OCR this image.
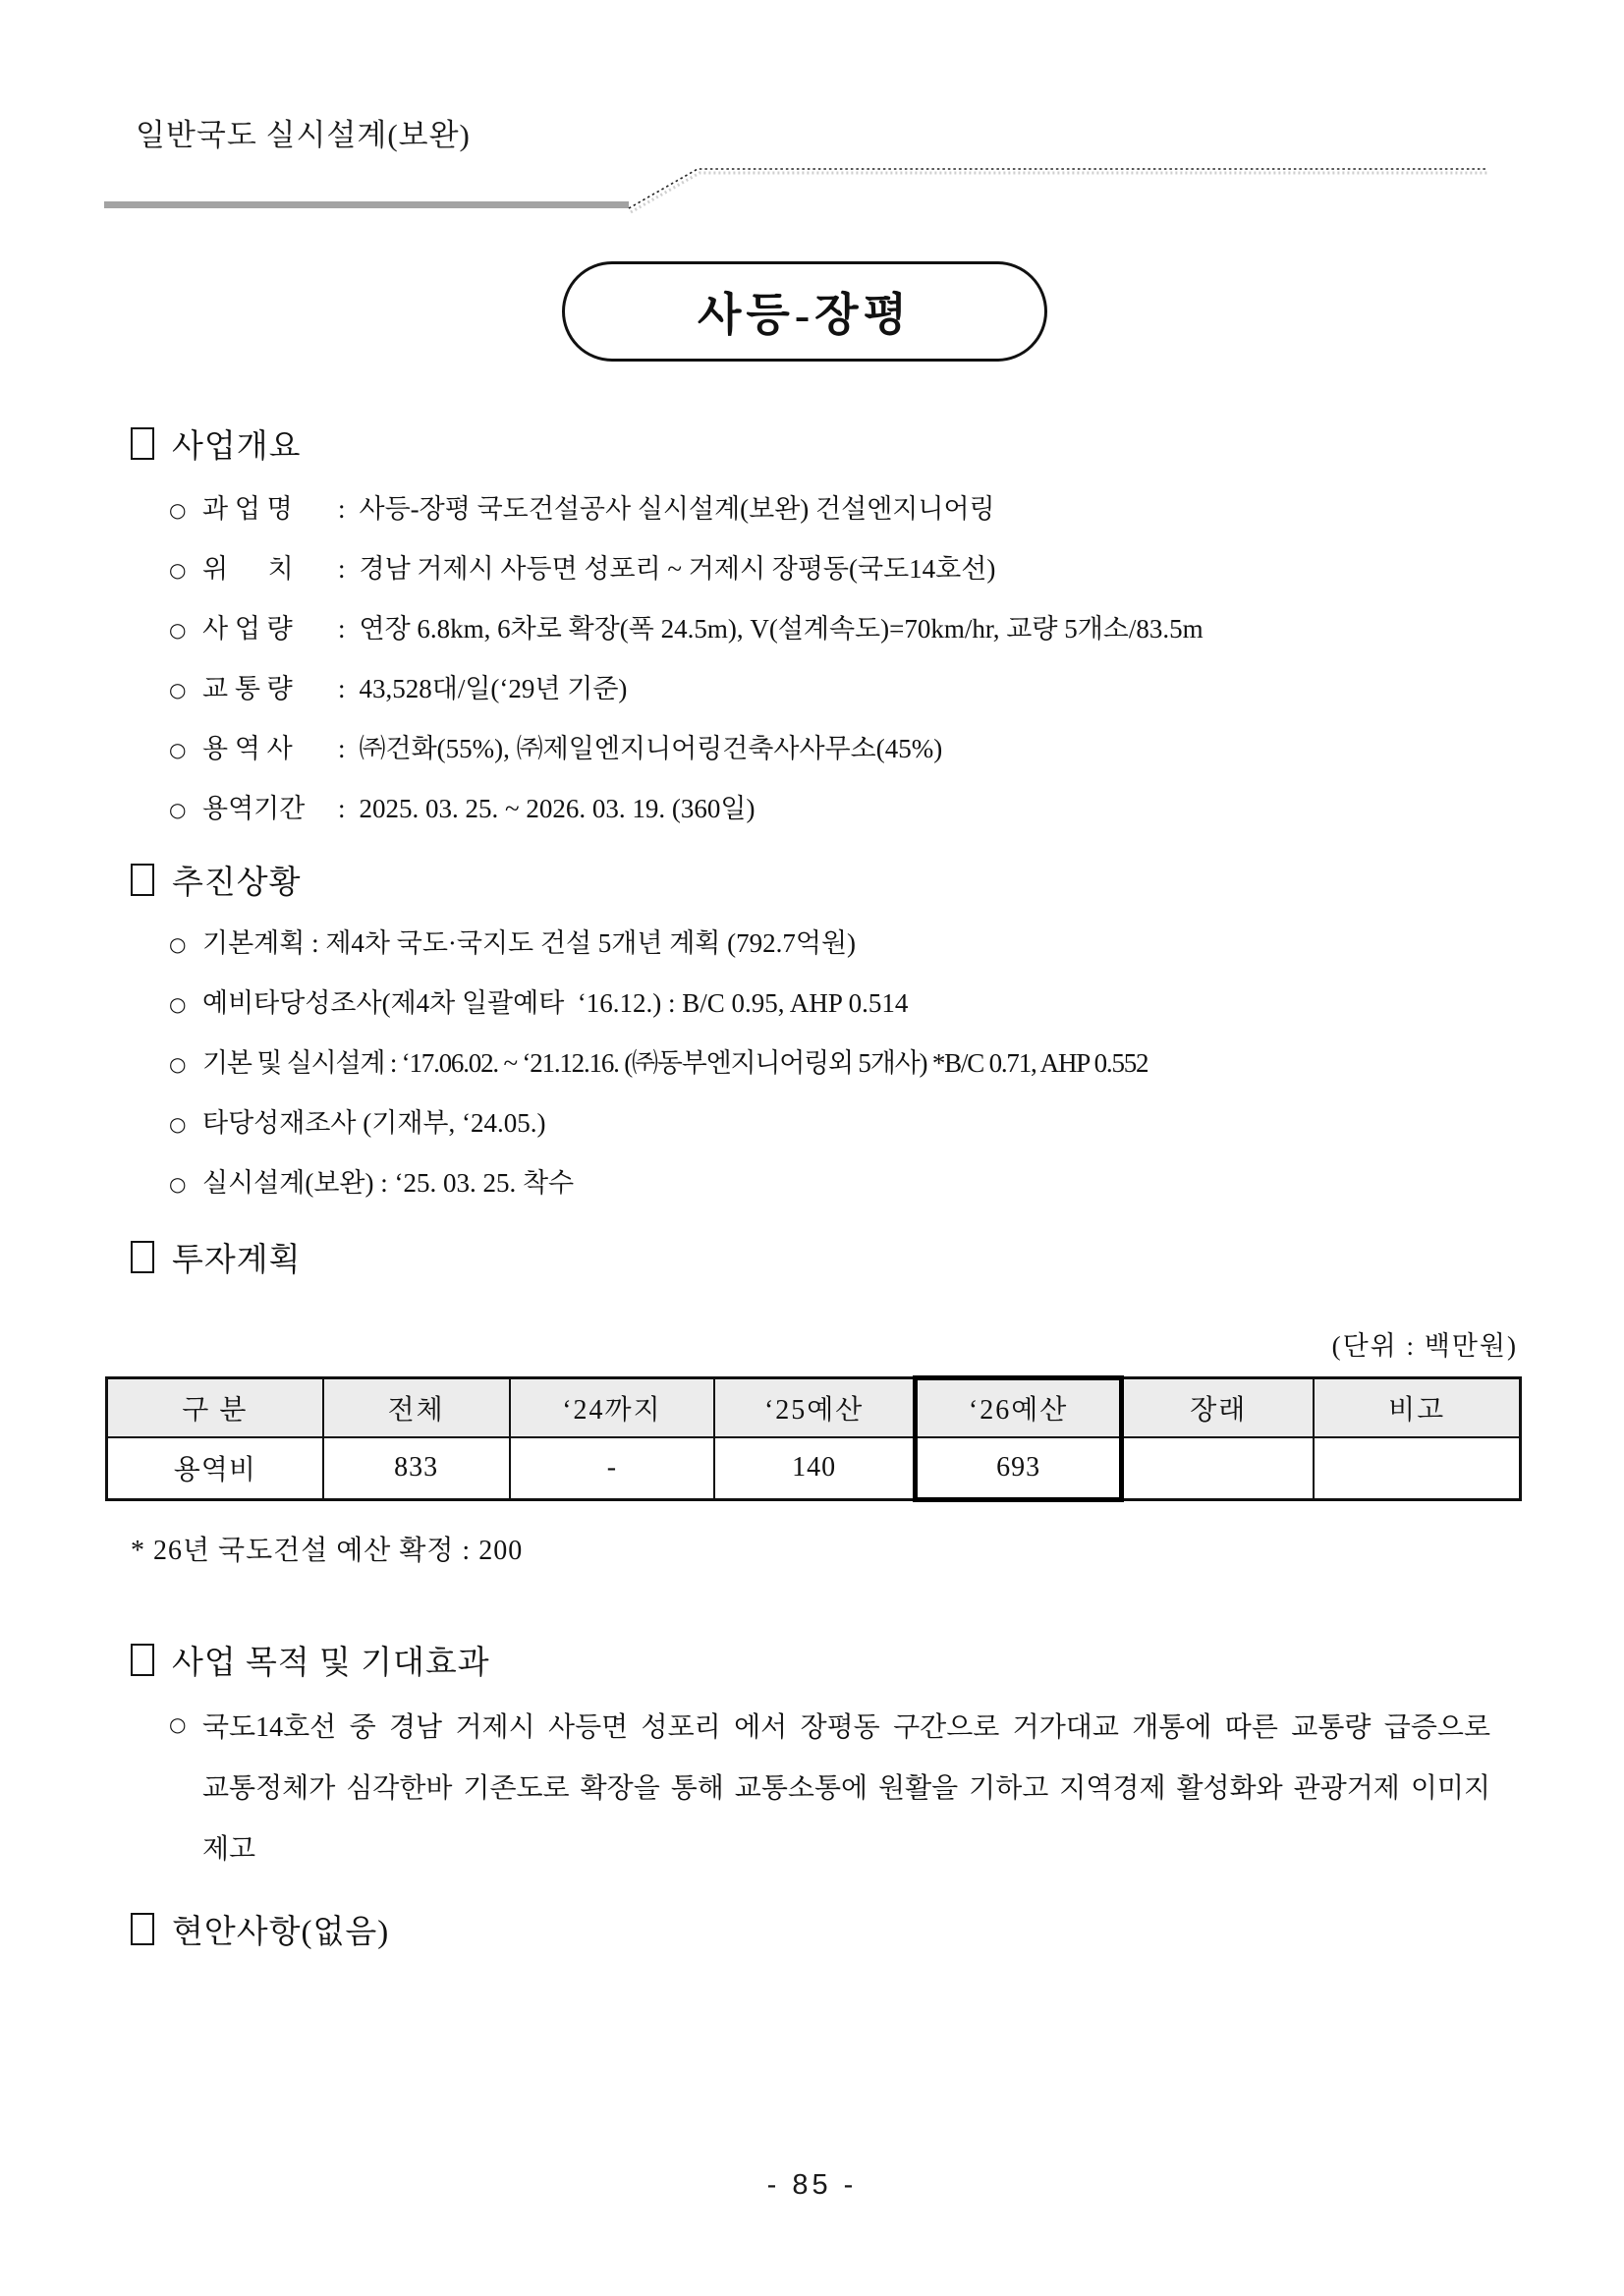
일반국도 실시설계(보완)
사등-장평
사업개요
○ 과 업 명	: 사등-장평 국도건설공사 실시설계(보완) 건설엔지니어링
○ 위      치	: 경남 거제시 사등면 성포리 ~ 거제시 장평동(국도14호선)
○ 사 업 량	: 연장 6.8km, 6차로 확장(폭 24.5m), V(설계속도)=70km/hr, 교량 5개소/83.5m
○ 교 통 량	: 43,528대/일(‘29년 기준)
○ 용 역 사	: ㈜건화(55%), ㈜제일엔지니어링건축사사무소(45%)
○ 용역기간	: 2025. 03. 25. ~ 2026. 03. 19. (360일)
추진상황
○ 기본계획 : 제4차 국도·국지도 건설 5개년 계획 (792.7억원)
○ 예비타당성조사(제4차 일괄예타  ‘16.12.) : B/C 0.95, AHP 0.514
○ 기본 및 실시설계 : ‘17.06.02. ~ ‘21.12.16. (㈜동부엔지니어링외 5개사) *B/C 0.71, AHP 0.552
○ 타당성재조사 (기재부, ‘24.05.)
○ 실시설계(보완) : ‘25. 03. 25. 착수
투자계획
(단위 : 백만원)
구 분	전체	‘24까지	‘25예산	‘26예산	장래	비고
용역비	833	-	140	693		
* 26년 국도건설 예산 확정 : 200
사업 목적 및 기대효과
○ 국도14호선 중 경남 거제시 사등면 성포리 에서 장평동 구간으로 거가대교 개통에 따른 교통량 급증으로 교통정체가 심각한바 기존도로 확장을 통해 교통소통에 원활을 기하고 지역경제 활성화와 관광거제 이미지 제고
현안사항(없음)
- 85 -
